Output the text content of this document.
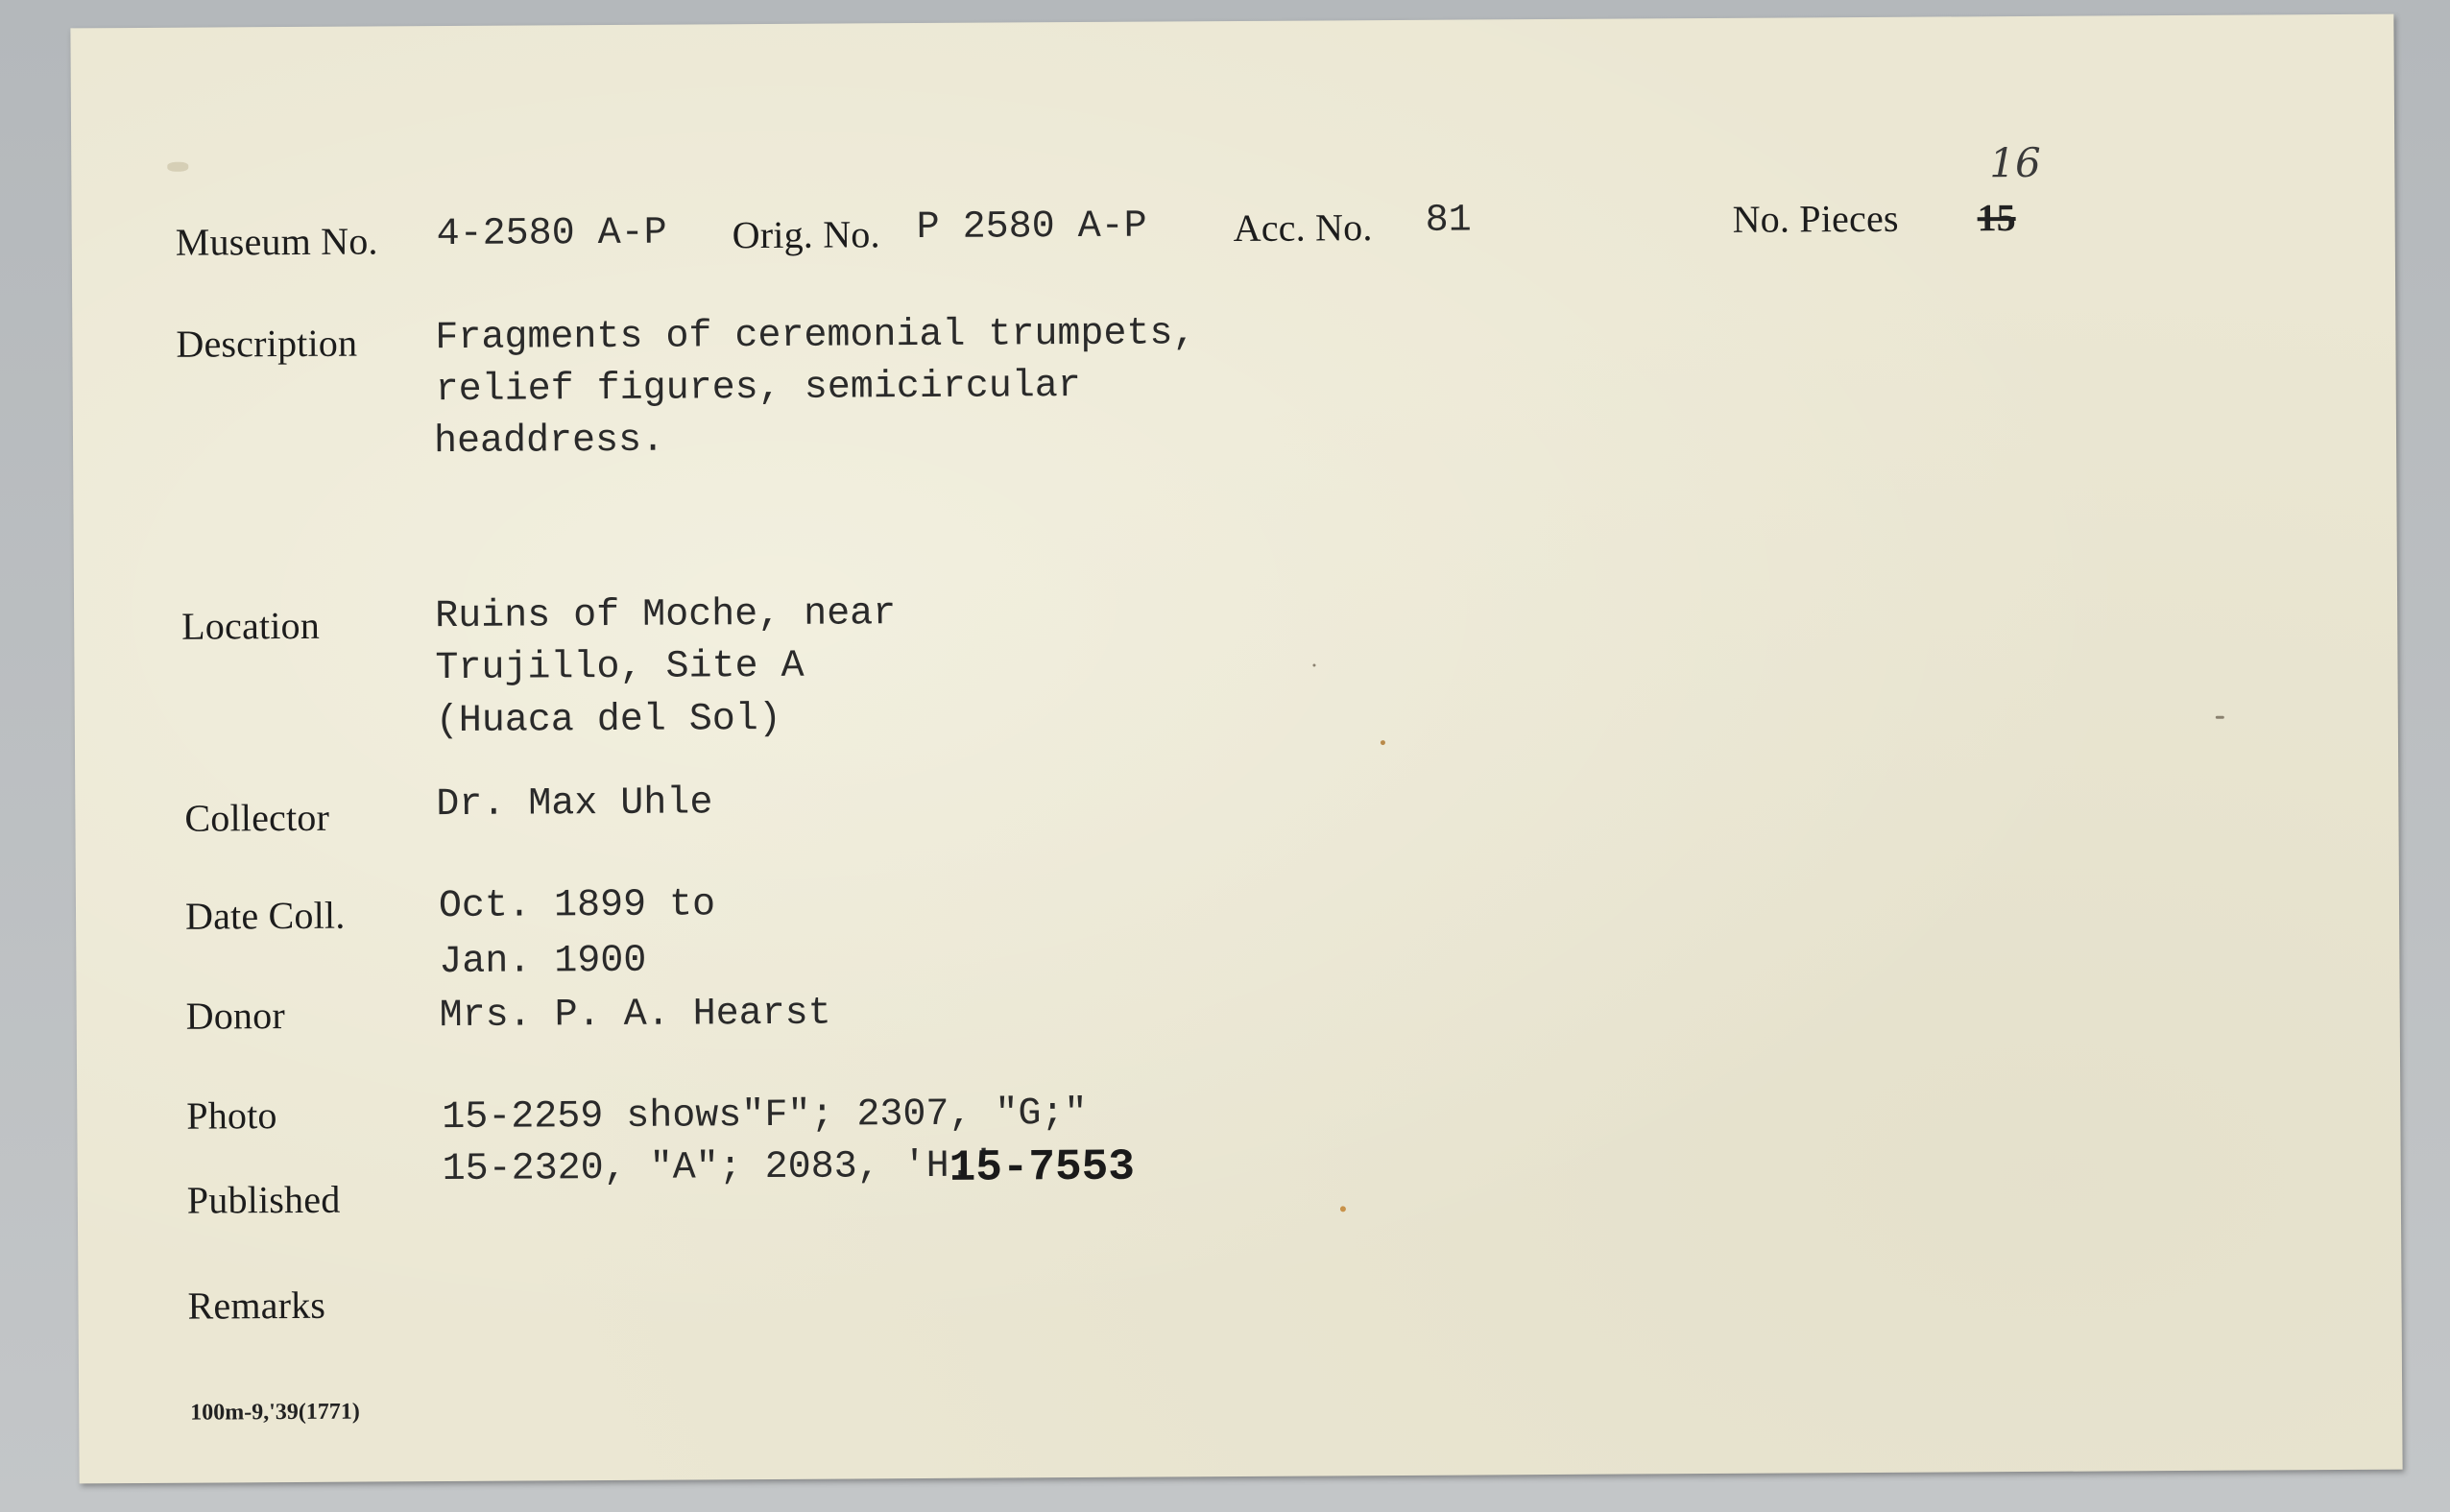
Museum No. 4-2580 A-P Orig. No. P 2580 A-P Acc. No. 81	No. Pieces 15
16
Description Fragments of ceremonial trumpets,
relief figures, semicircular
headdress.
Location	Ruins of Moche, near
Trujillo, Site A
(Huaca del Sol)
Collector	Dr. Max Uhle
Date Coll. Oct. 1899 to
Jan. 1900
Donor	Mrs. P. A. Hearst
Photo	15-2259 shows"F"; 2307, "G;"
15-2320, "A"; 2083, 'H.'
15-7553
Published
Remarks
100m-9,'39(1771)
